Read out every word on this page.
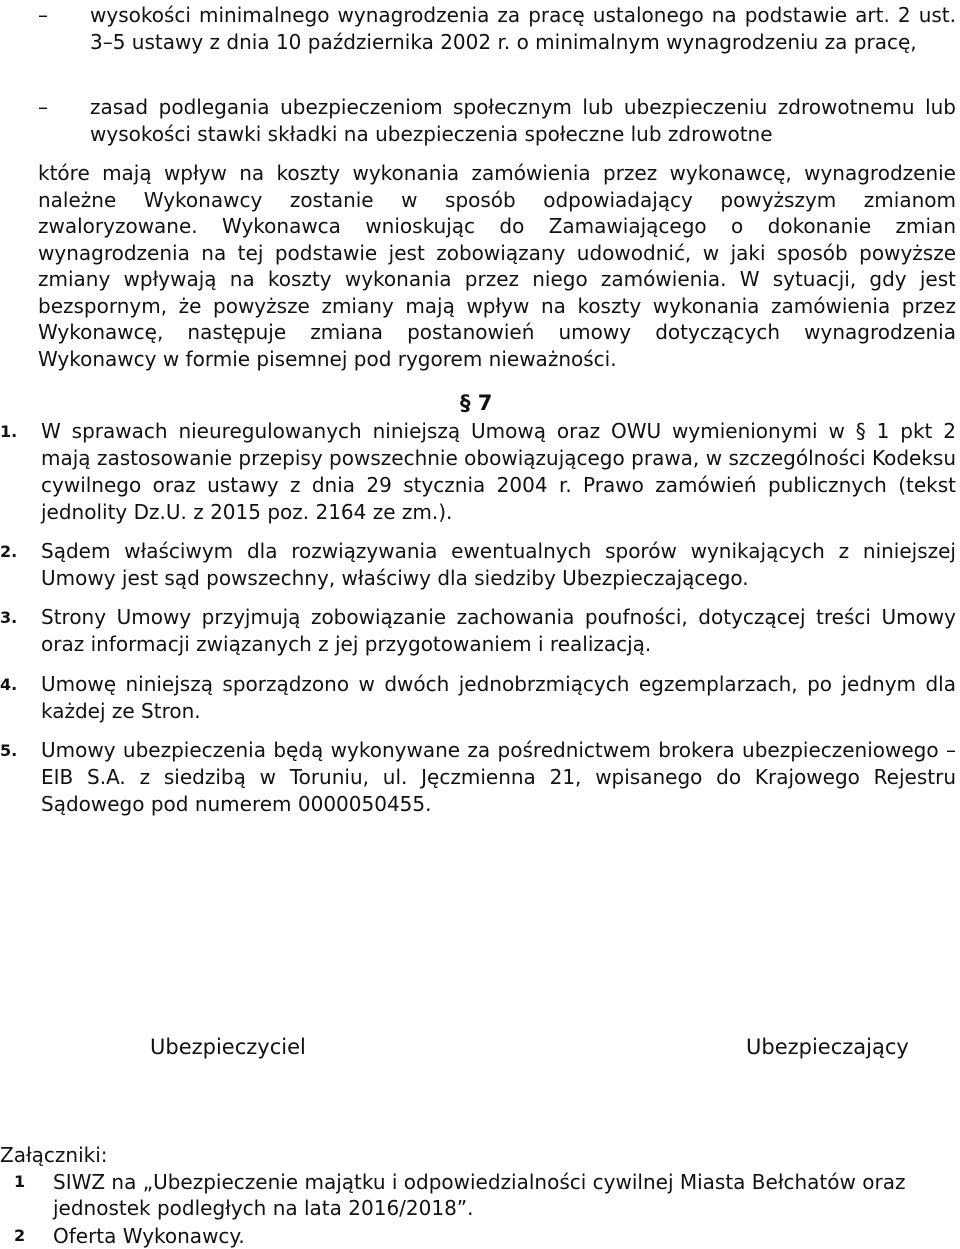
–	wysokości minimalnego wynagrodzenia za pracę ustalonego na podstawie art. 2 ust. 3–5 ustawy z dnia 10 października 2002 r. o minimalnym wynagrodzeniu za pracę,
–	zasad podlegania ubezpieczeniom społecznym lub ubezpieczeniu zdrowotnemu lub wysokości stawki składki na ubezpieczenia społeczne lub zdrowotne
które mają wpływ na koszty wykonania zamówienia przez wykonawcę, wynagrodzenie należne Wykonawcy zostanie w sposób odpowiadający powyższym zmianom zwaloryzowane. Wykonawca wnioskując do Zamawiającego o dokonanie zmian wynagrodzenia na tej podstawie jest zobowiązany udowodnić, w jaki sposób powyższe zmiany wpływają na koszty wykonania przez niego zamówienia. W sytuacji, gdy jest bezspornym, że powyższe zmiany mają wpływ na koszty wykonania zamówienia przez Wykonawcę, następuje zmiana postanowień umowy dotyczących wynagrodzenia Wykonawcy w formie pisemnej pod rygorem nieważności.
§ 7
1.	W sprawach nieuregulowanych niniejszą Umową oraz OWU wymienionymi w § 1 pkt 2 mają zastosowanie przepisy powszechnie obowiązującego prawa, w szczególności Kodeksu cywilnego oraz ustawy z dnia 29 stycznia 2004 r. Prawo zamówień publicznych (tekst jednolity Dz.U. z 2015 poz. 2164 ze zm.).
2.	Sądem właściwym dla rozwiązywania ewentualnych sporów wynikających z niniejszej Umowy jest sąd powszechny, właściwy dla siedziby Ubezpieczającego.
3.	Strony Umowy przyjmują zobowiązanie zachowania poufności, dotyczącej treści Umowy oraz informacji związanych z jej przygotowaniem i realizacją.
4.	Umowę niniejszą sporządzono w dwóch jednobrzmiących egzemplarzach, po jednym dla każdej ze Stron.
5.	Umowy ubezpieczenia będą wykonywane za pośrednictwem brokera ubezpieczeniowego – EIB S.A. z siedzibą w Toruniu, ul. Jęczmienna 21, wpisanego do Krajowego Rejestru Sądowego pod numerem 0000050455.
Ubezpieczyciel	Ubezpieczający
Załączniki:
1 SIWZ na „Ubezpieczenie majątku i odpowiedzialności cywilnej Miasta Bełchatów oraz jednostek podległych na lata 2016/2018”.
2 Oferta Wykonawcy.
